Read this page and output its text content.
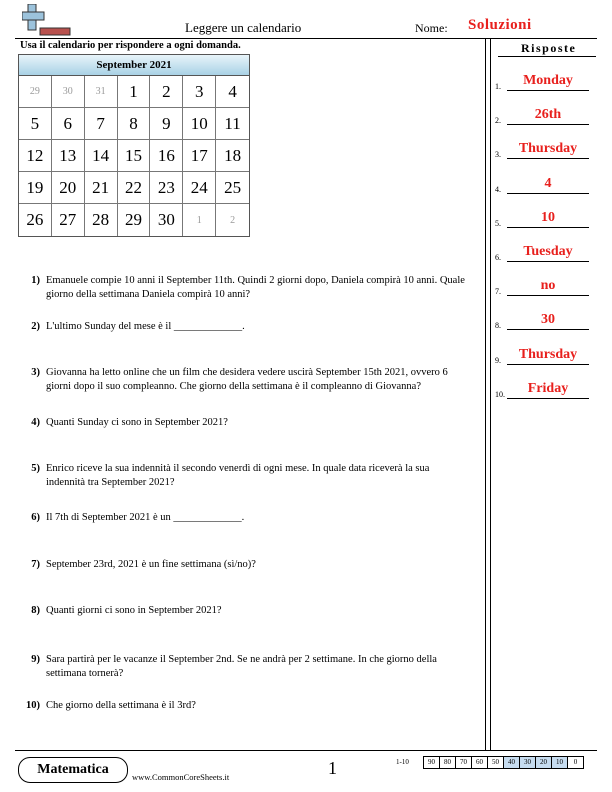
Leggere un calendario	Nome: Soluzioni
Usa il calendario per rispondere a ogni domanda.	Risposte
1.	Monday
2.	26th
3.	Thursday
4.	4
5.	10
6.	Tuesday
7.	no
8.	30
9.	Thursday
10.	Friday
September 2021
29	30	31	1	2	3	4
5	6	7	8	9	10 11
12 13 14 15 16 17 18
19 20 21 22 23 24 25
26 27 28 29 30	1	2
1) Emanuele compie 10 anni il September 11th. Quindi 2 giorni dopo, Daniela compirà 10 anni. Quale giorno della settimana Daniela compirà 10 anni?
2) L'ultimo Sunday del mese è il _____________.
3) Giovanna ha letto online che un film che desidera vedere uscirà September 15th 2021, ovvero 6 giorni dopo il suo compleanno. Che giorno della settimana è il compleanno di Giovanna?
4) Quanti Sunday ci sono in September 2021?
5) Enrico riceve la sua indennità il secondo venerdì di ogni mese. In quale data riceverà la sua indennità tra September 2021?
6) Il 7th di September 2021 è un _____________.
7) September 23rd, 2021 è un fine settimana (sì/no)?
8) Quanti giorni ci sono in September 2021?
9) Sara partirà per le vacanze il September 2nd. Se ne andrà per 2 settimane. In che giorno della settimana tornerà?
10) Che giorno della settimana è il 3rd?
Matematica	www.CommonCoreSheets.it	1	1-10	90	80	70	60	50	40	30	20	10	0
